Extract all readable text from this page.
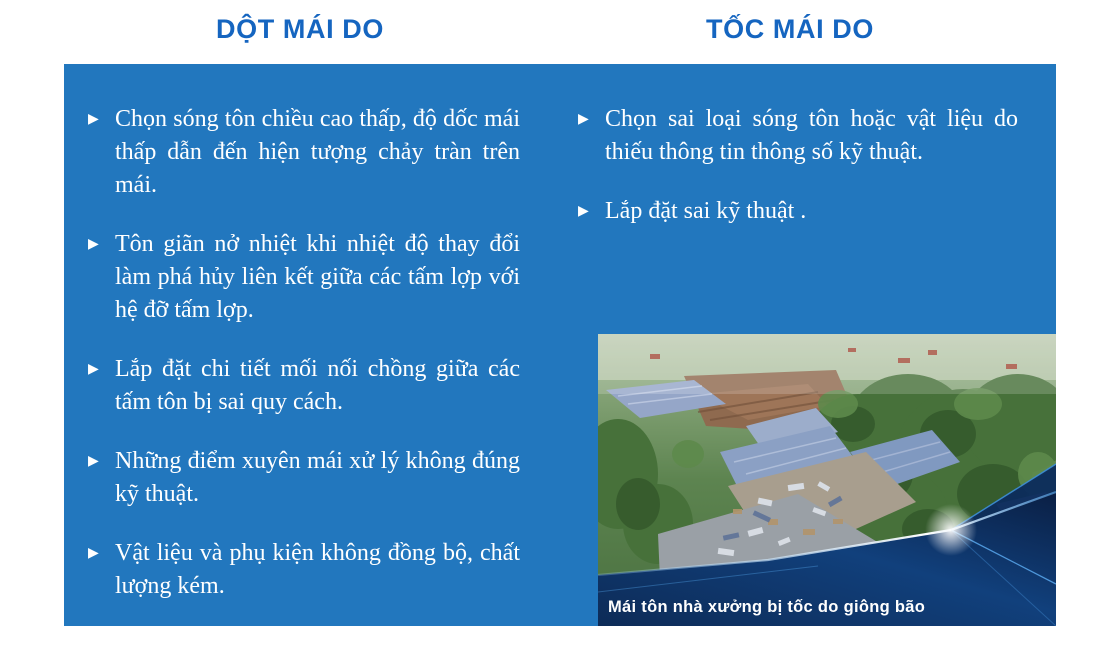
DỘT MÁI DO	TỐC MÁI DO
▶ Chọn sóng tôn chiều cao thấp, độ dốc mái thấp dẫn đến hiện tượng chảy tràn trên mái.
▶ Tôn giãn nở nhiệt khi nhiệt độ thay đổi làm phá hủy liên kết giữa các tấm lợp với hệ đỡ tấm lợp.
▶ Lắp đặt chi tiết mối nối chồng giữa các tấm tôn bị sai quy cách.
▶ Những điểm xuyên mái xử lý không đúng kỹ thuật.
▶ Vật liệu và phụ kiện không đồng bộ, chất lượng kém.
▶ Chọn sai loại sóng tôn hoặc vật liệu do thiếu thông tin thông số kỹ thuật.
▶ Lắp đặt sai kỹ thuật .
Mái tôn nhà xưởng bị tốc do giông bão
